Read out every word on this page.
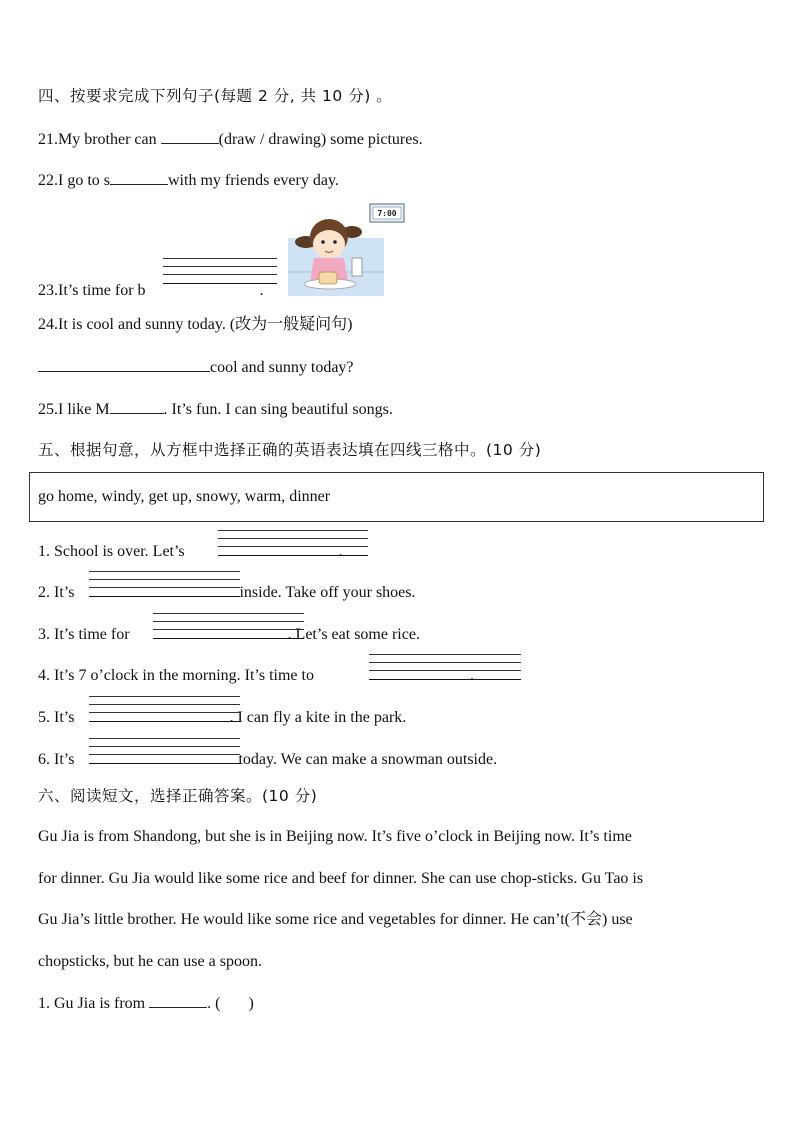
四、按要求完成下列句子(每题 2 分, 共 10 分) 。
21.My brother can	(draw / drawing) some pictures.
22.I go to s	with my friends every day.
23.It’s time for b	.
7:00
24.It is cool and sunny today. (改为一般疑问句)
cool and sunny today?
25.I like M	. It’s fun. I can sing beautiful songs.
五、根据句意，从方框中选择正确的英语表达填在四线三格中。(10 分)
go home, windy, get up, snowy, warm, dinner
1. School is over. Let’s	.
2. It’s	inside. Take off your shoes.
3. It’s time for	. Let’s eat some rice.
4. It’s 7 o’clock in the morning. It’s time to	.
5. It’s	. I can fly a kite in the park.
6. It’s	today. We can make a snowman outside.
六、阅读短文，选择正确答案。(10 分)
Gu Jia is from Shandong, but she is in Beijing now. It’s five o’clock in Beijing now. It’s time
for dinner. Gu Jia would like some rice and beef for dinner. She can use chop-sticks. Gu Tao is
Gu Jia’s little brother. He would like some rice and vegetables for dinner. He can’t(不会) use
chopsticks, but he can use a spoon.
1. Gu Jia is from	. ( )
